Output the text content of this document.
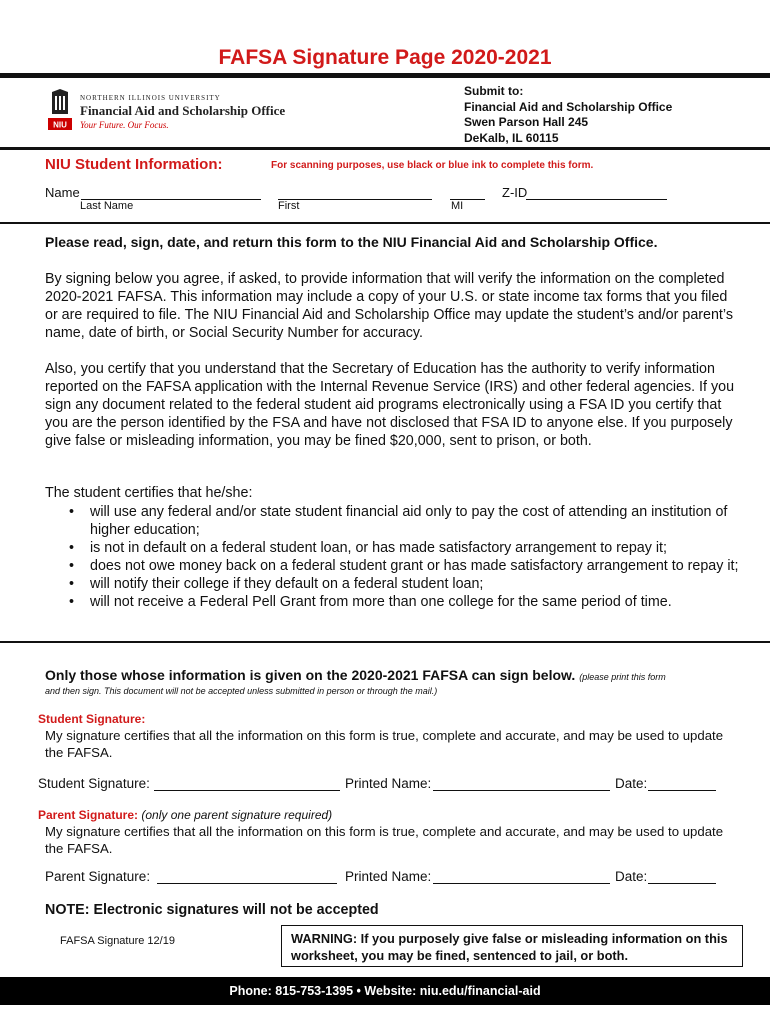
FAFSA Signature Page 2020-2021
NIU
NORTHERN ILLINOIS UNIVERSITY
Financial Aid and Scholarship Office
Your Future. Our Focus.
Submit to:
Financial Aid and Scholarship Office
Swen Parson Hall 245
DeKalb, IL 60115
NIU Student Information:	For scanning purposes, use black or blue ink to complete this form.
Name	Z-ID
Last Name	First	MI
Please read, sign, date, and return this form to the NIU Financial Aid and Scholarship Office.
By signing below you agree, if asked, to provide information that will verify the information on the completed 2020-2021 FAFSA. This information may include a copy of your U.S. or state income tax forms that you filed or are required to file. The NIU Financial Aid and Scholarship Office may update the student’s and/or parent’s name, date of birth, or Social Security Number for accuracy.
Also, you certify that you understand that the Secretary of Education has the authority to verify information reported on the FAFSA application with the Internal Revenue Service (IRS) and other federal agencies. If you sign any document related to the federal student aid programs electronically using a FSA ID you certify that you are the person identified by the FSA and have not disclosed that FSA ID to anyone else. If you purposely give false or misleading information, you may be fined $20,000, sent to prison, or both.
The student certifies that he/she:
• will use any federal and/or state student financial aid only to pay the cost of attending an institution of higher education;
• is not in default on a federal student loan, or has made satisfactory arrangement to repay it;
• does not owe money back on a federal student grant or has made satisfactory arrangement to repay it;
• will notify their college if they default on a federal student loan;
• will not receive a Federal Pell Grant from more than one college for the same period of time.
Only those whose information is given on the 2020-2021 FAFSA can sign below. (please print this form
and then sign. This document will not be accepted unless submitted in person or through the mail.)
Student Signature:
My signature certifies that all the information on this form is true, complete and accurate, and may be used to update the FAFSA.
Student Signature:	Printed Name:	Date:
Parent Signature: (only one parent signature required)
My signature certifies that all the information on this form is true, complete and accurate, and may be used to update the FAFSA.
Parent Signature:	Printed Name:	Date:
NOTE: Electronic signatures will not be accepted
FAFSA Signature 12/19	WARNING: If you purposely give false or misleading information on this worksheet, you may be fined, sentenced to jail, or both.
Phone: 815-753-1395 • Website: niu.edu/financial-aid
